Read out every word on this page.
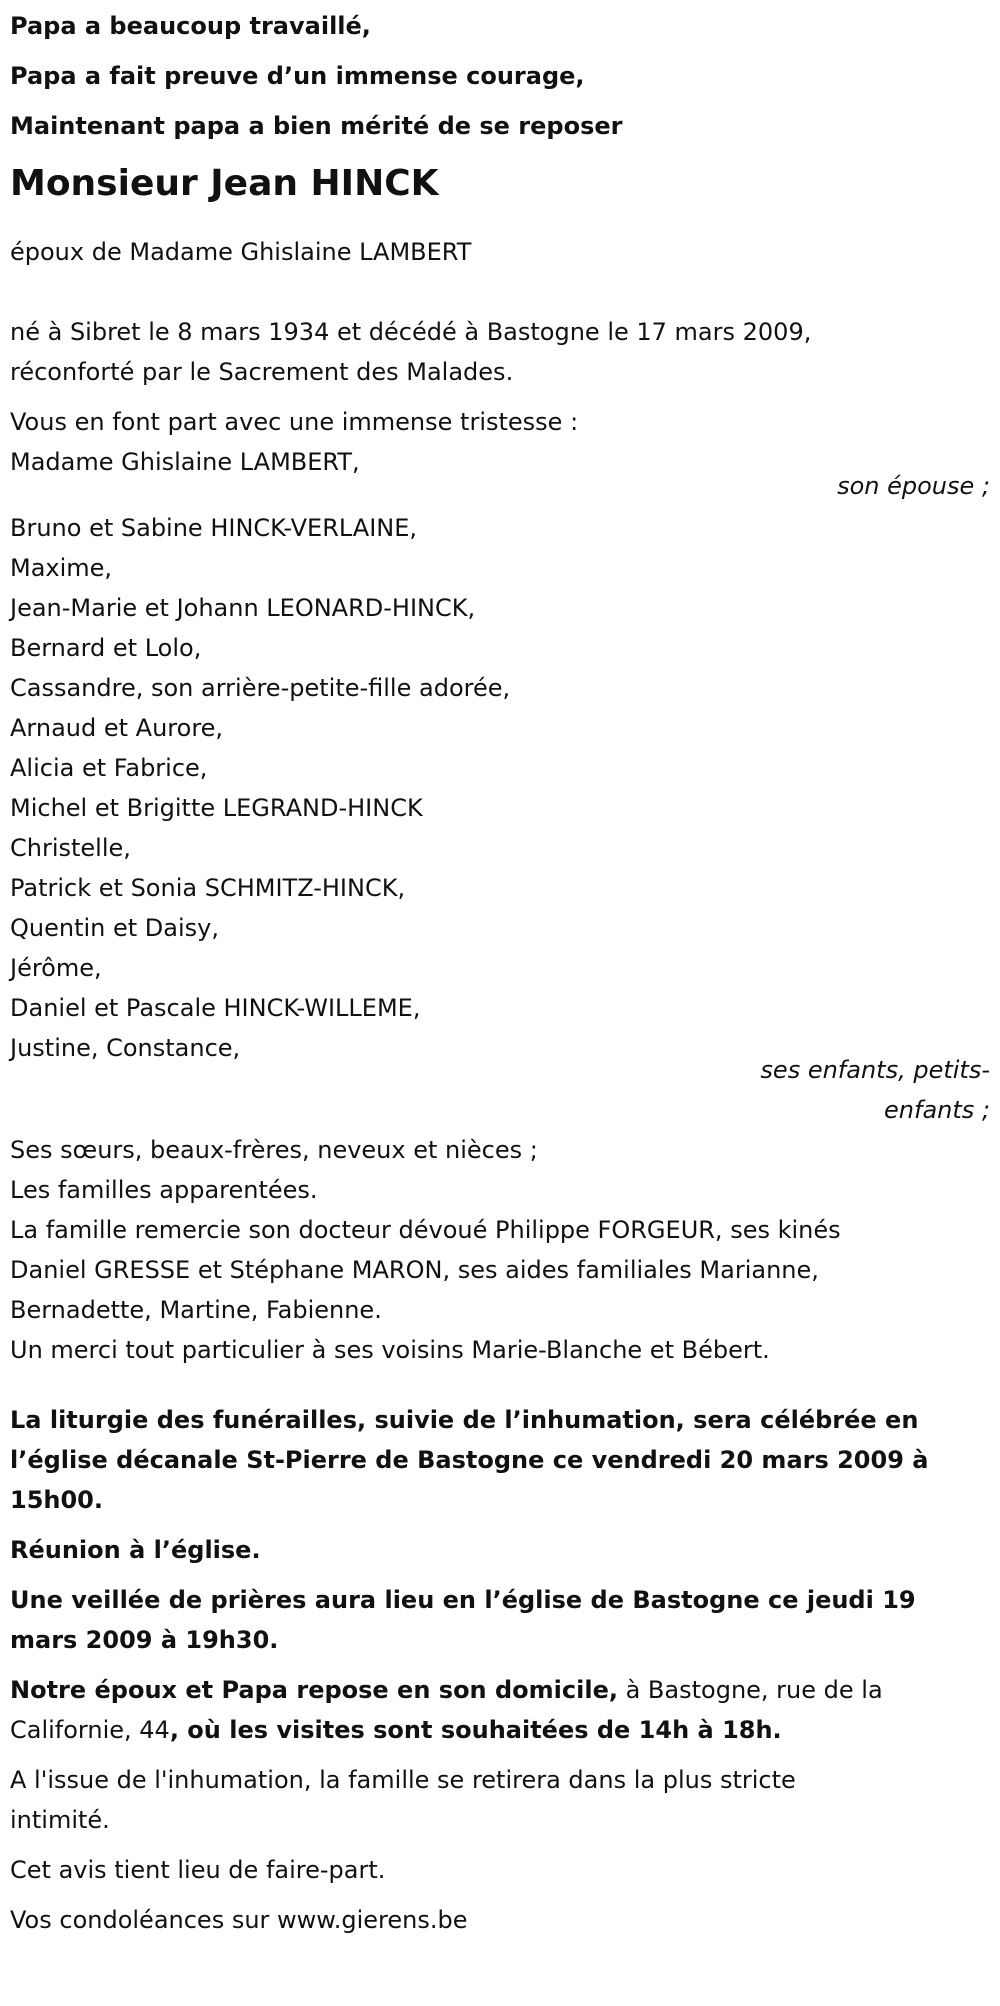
Papa a beaucoup travaillé,
Papa a fait preuve d’un immense courage,
Maintenant papa a bien mérité de se reposer
Monsieur Jean HINCK
époux de Madame Ghislaine LAMBERT
né à Sibret le 8 mars 1934 et décédé à Bastogne le 17 mars 2009,
réconforté par le Sacrement des Malades.
Vous en font part avec une immense tristesse :
Madame Ghislaine LAMBERT,
son épouse ;
Bruno et Sabine HINCK-VERLAINE,
Maxime,
Jean-Marie et Johann LEONARD-HINCK,
Bernard et Lolo,
Cassandre, son arrière-petite-fille adorée,
Arnaud et Aurore,
Alicia et Fabrice,
Michel et Brigitte LEGRAND-HINCK
Christelle,
Patrick et Sonia SCHMITZ-HINCK,
Quentin et Daisy,
Jérôme,
Daniel et Pascale HINCK-WILLEME,
Justine, Constance,
ses enfants, petits-
enfants ;
Ses sœurs, beaux-frères, neveux et nièces ;
Les familles apparentées.
La famille remercie son docteur dévoué Philippe FORGEUR, ses kinés
Daniel GRESSE et Stéphane MARON, ses aides familiales Marianne,
Bernadette, Martine, Fabienne.
Un merci tout particulier à ses voisins Marie-Blanche et Bébert.
La liturgie des funérailles, suivie de l’inhumation, sera célébrée en
l’église décanale St-Pierre de Bastogne ce vendredi 20 mars 2009 à
15h00.
Réunion à l’église.
Une veillée de prières aura lieu en l’église de Bastogne ce jeudi 19
mars 2009 à 19h30.
Notre époux et Papa repose en son domicile, à Bastogne, rue de la
Californie, 44, où les visites sont souhaitées de 14h à 18h.
A l'issue de l'inhumation, la famille se retirera dans la plus stricte
intimité.
Cet avis tient lieu de faire-part.
Vos condoléances sur www.gierens.be
